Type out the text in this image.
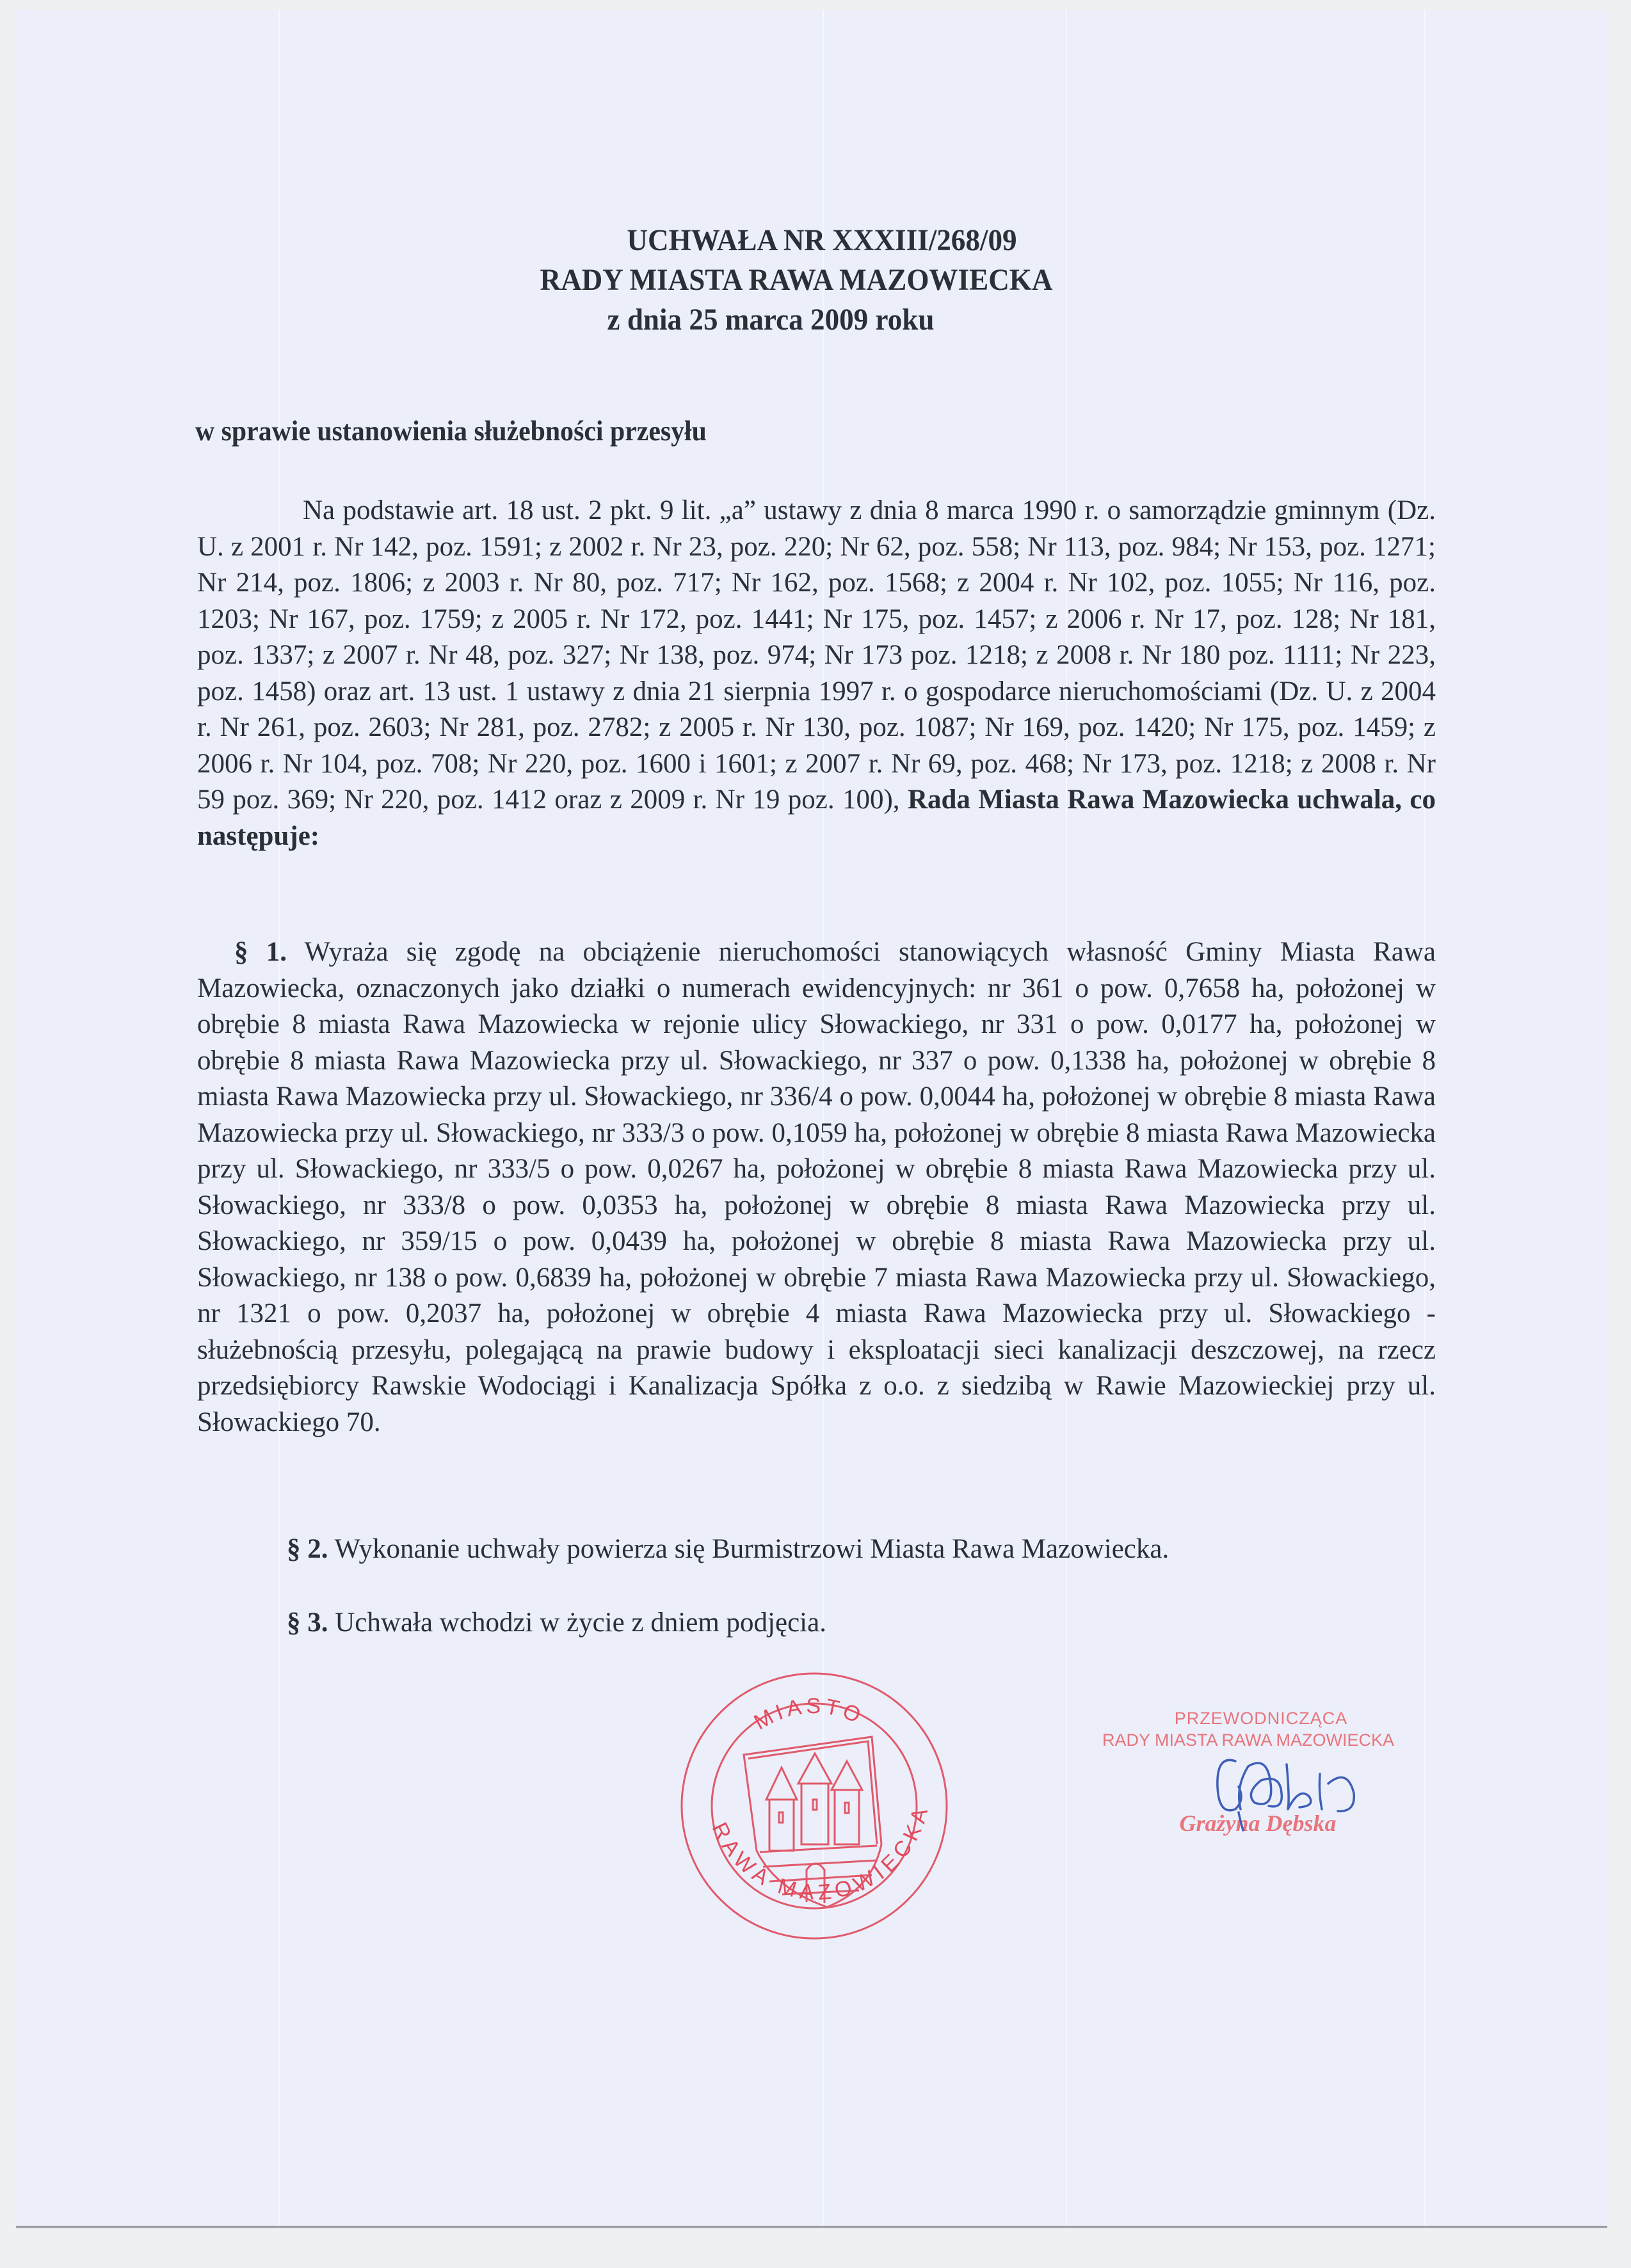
UCHWAŁA NR XXXIII/268/09
RADY MIASTA RAWA MAZOWIECKA
z dnia 25 marca 2009 roku
w sprawie ustanowienia służebności przesyłu

Na podstawie art. 18 ust. 2 pkt. 9 lit. „a” ustawy z dnia 8 marca 1990 r. o samorządzie gminnym (Dz. U. z 2001 r. Nr 142, poz. 1591; z 2002 r. Nr 23, poz. 220; Nr 62, poz. 558; Nr 113, poz. 984; Nr 153, poz. 1271; Nr 214, poz. 1806; z 2003 r. Nr 80, poz. 717; Nr 162, poz. 1568; z 2004 r. Nr 102, poz. 1055; Nr 116, poz. 1203; Nr 167, poz. 1759; z 2005 r. Nr 172, poz. 1441; Nr 175, poz. 1457; z 2006 r. Nr 17, poz. 128; Nr 181, poz. 1337; z 2007 r. Nr 48, poz. 327; Nr 138, poz. 974; Nr 173 poz. 1218; z 2008 r. Nr 180 poz. 1111; Nr 223, poz. 1458) oraz art. 13 ust. 1 ustawy z dnia 21 sierpnia 1997 r. o gospodarce nieruchomościami (Dz. U. z 2004 r. Nr 261, poz. 2603; Nr 281, poz. 2782; z 2005 r. Nr 130, poz. 1087; Nr 169, poz. 1420; Nr 175, poz. 1459; z 2006 r. Nr 104, poz. 708; Nr 220, poz. 1600 i 1601; z 2007 r. Nr 69, poz. 468; Nr 173, poz. 1218; z 2008 r. Nr 59 poz. 369; Nr 220, poz. 1412 oraz z 2009 r. Nr 19 poz. 100), Rada Miasta Rawa Mazowiecka uchwala, co następuje:

§ 1. Wyraża się zgodę na obciążenie nieruchomości stanowiących własność Gminy Miasta Rawa Mazowiecka, oznaczonych jako działki o numerach ewidencyjnych: nr 361 o pow. 0,7658 ha, położonej w obrębie 8 miasta Rawa Mazowiecka w rejonie ulicy Słowackiego, nr 331 o pow. 0,0177 ha, położonej w obrębie 8 miasta Rawa Mazowiecka przy ul. Słowackiego, nr 337 o pow. 0,1338 ha, położonej w obrębie 8 miasta Rawa Mazowiecka przy ul. Słowackiego, nr 336/4 o pow. 0,0044 ha, położonej w obrębie 8 miasta Rawa Mazowiecka przy ul. Słowackiego, nr 333/3 o pow. 0,1059 ha, położonej w obrębie 8 miasta Rawa Mazowiecka przy ul. Słowackiego, nr 333/5 o pow. 0,0267 ha, położonej w obrębie 8 miasta Rawa Mazowiecka przy ul. Słowackiego, nr 333/8 o pow. 0,0353 ha, położonej w obrębie 8 miasta Rawa Mazowiecka przy ul. Słowackiego, nr 359/15 o pow. 0,0439 ha, położonej w obrębie 8 miasta Rawa Mazowiecka przy ul. Słowackiego, nr 138 o pow. 0,6839 ha, położonej w obrębie 7 miasta Rawa Mazowiecka przy ul. Słowackiego, nr 1321 o pow. 0,2037 ha, położonej w obrębie 4 miasta Rawa Mazowiecka przy ul. Słowackiego - służebnością przesyłu, polegającą na prawie budowy i eksploatacji sieci kanalizacji deszczowej, na rzecz przedsiębiorcy Rawskie Wodociągi i Kanalizacja Spółka z o.o. z siedzibą w Rawie Mazowieckiej przy ul. Słowackiego 70.

§ 2. Wykonanie uchwały powierza się Burmistrzowi Miasta Rawa Mazowiecka.

§ 3. Uchwała wchodzi w życie z dniem podjęcia.

MIASTO
RAWA MAZOWIECKA
PRZEWODNICZĄCA
RADY MIASTA RAWA MAZOWIECKA
Grażyna Dębska
